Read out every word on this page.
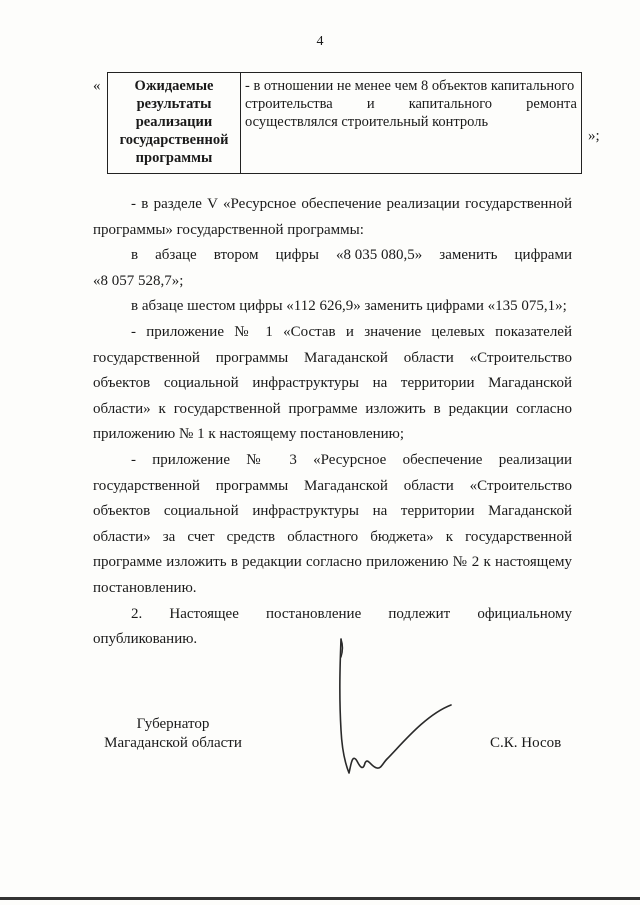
4
«	Ожидаемые
результаты
реализации
государственной
программы

- в отношении не менее чем 8 объектов капитального
строительства и капитального ремонта
осуществлялся строительный контроль
»;

- в разделе V «Ресурсное обеспечение реализации государственной программы» государственной программы:

в абзаце втором цифры «8 035 080,5» заменить цифрами

«8 057 528,7»;

в абзаце шестом цифры «112 626,9» заменить цифрами «135 075,1»;

- приложение № 1 «Состав и значение целевых показателей государственной программы Магаданской области «Строительство объектов социальной инфраструктуры на территории Магаданской области» к государственной программе изложить в редакции согласно приложению № 1 к настоящему постановлению;

- приложение № 3 «Ресурсное обеспечение реализации государственной программы Магаданской области «Строительство объектов социальной инфраструктуры на территории Магаданской области» за счет средств областного бюджета» к государственной программе изложить в редакции согласно приложению № 2 к настоящему постановлению.

2. Настоящее постановление подлежит официальному

опубликованию.

Губернатор
Магаданской области	С.К. Носов
